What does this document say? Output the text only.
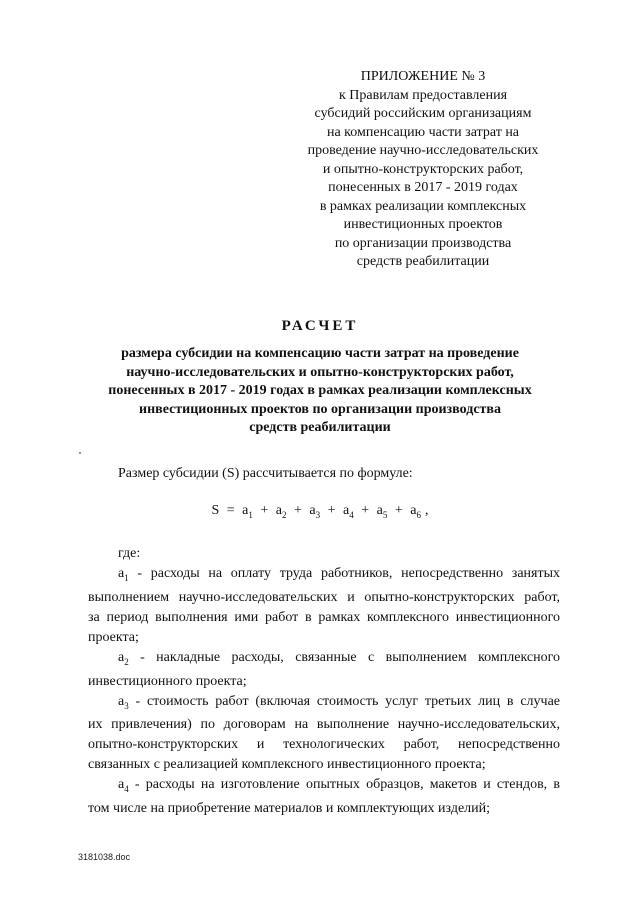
ПРИЛОЖЕНИЕ № 3
к Правилам предоставления
субсидий российским организациям
на компенсацию части затрат на
проведение научно-исследовательских
и опытно-конструкторских работ,
понесенных в 2017 - 2019 годах
в рамках реализации комплексных
инвестиционных проектов
по организации производства
средств реабилитации
РАСЧЕТ
размера субсидии на компенсацию части затрат на проведение
научно-исследовательских и опытно-конструкторских работ,
понесенных в 2017 - 2019 годах в рамках реализации комплексных
инвестиционных проектов по организации производства
средств реабилитации
Размер субсидии (S) рассчитывается по формуле:
$S = a_1 + a_2 + a_3 + a_4 + a_5 + a_6$ ,

где:

$a_1$ - расходы на оплату труда работников, непосредственно занятых
выполнением научно-исследовательских и опытно-конструкторских работ,
за период выполнения ими работ в рамках комплексного инвестиционного
проекта;

$a_2$ - накладные расходы, связанные с выполнением комплексного
инвестиционного проекта;

$a_3$ - стоимость работ (включая стоимость услуг третьих лиц в случае
их привлечения) по договорам на выполнение научно-исследовательских,
опытно-конструкторских и технологических работ, непосредственно
связанных с реализацией комплексного инвестиционного проекта;

$a_4$ - расходы на изготовление опытных образцов, макетов и стендов, в
том числе на приобретение материалов и комплектующих изделий;

3181038.doc
